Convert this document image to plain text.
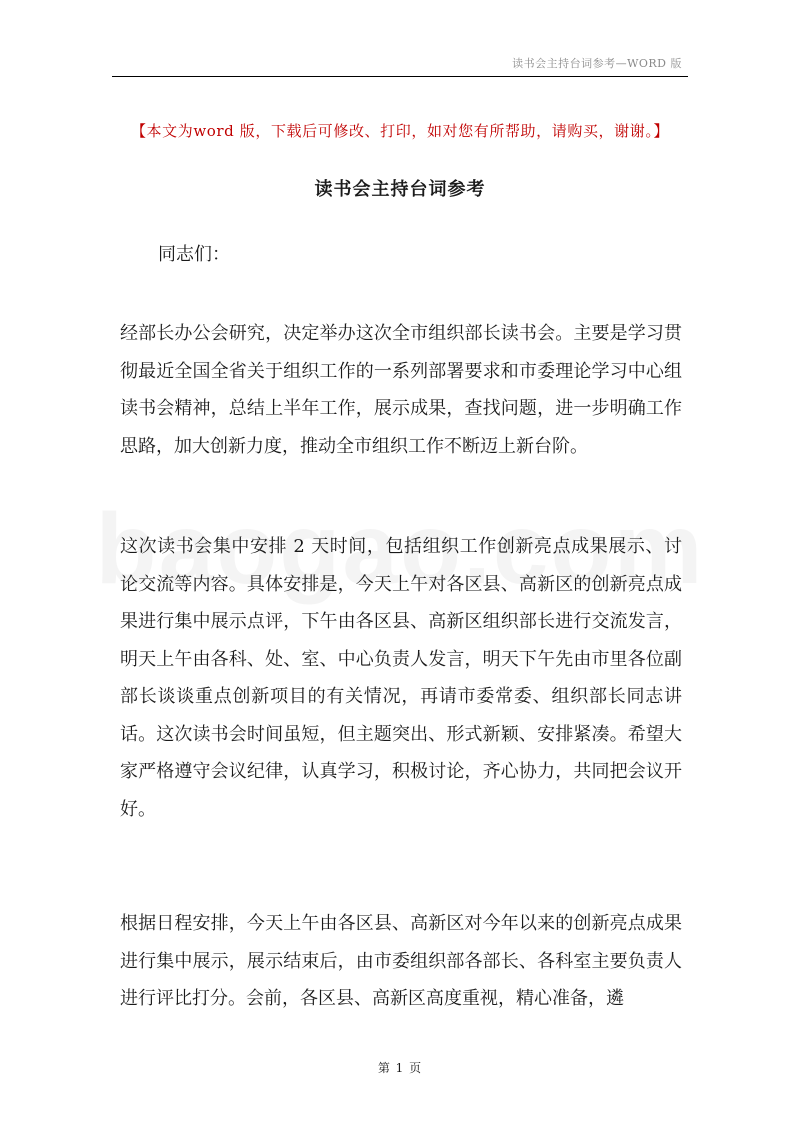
读书会主持台词参考—WORD 版
【本文为word 版，下载后可修改、打印，如对您有所帮助，请购买，谢谢。】
读书会主持台词参考
同志们：

经部长办公会研究，决定举办这次全市组织部长读书会。主要是学习贯彻最近全国全省关于组织工作的一系列部署要求和市委理论学习中心组读书会精神，总结上半年工作，展示成果，查找问题，进一步明确工作思路，加大创新力度，推动全市组织工作不断迈上新台阶。

这次读书会集中安排 2 天时间，包括组织工作创新亮点成果展示、讨论交流等内容。具体安排是，今天上午对各区县、高新区的创新亮点成果进行集中展示点评，下午由各区县、高新区组织部长进行交流发言，明天上午由各科、处、室、中心负责人发言，明天下午先由市里各位副部长谈谈重点创新项目的有关情况，再请市委常委、组织部长同志讲话。这次读书会时间虽短，但主题突出、形式新颖、安排紧凑。希望大家严格遵守会议纪律，认真学习，积极讨论，齐心协力，共同把会议开好。

根据日程安排，今天上午由各区县、高新区对今年以来的创新亮点成果进行集中展示，展示结束后，由市委组织部各部长、各科室主要负责人进行评比打分。会前，各区县、高新区高度重视，精心准备，遴

第 1 页
